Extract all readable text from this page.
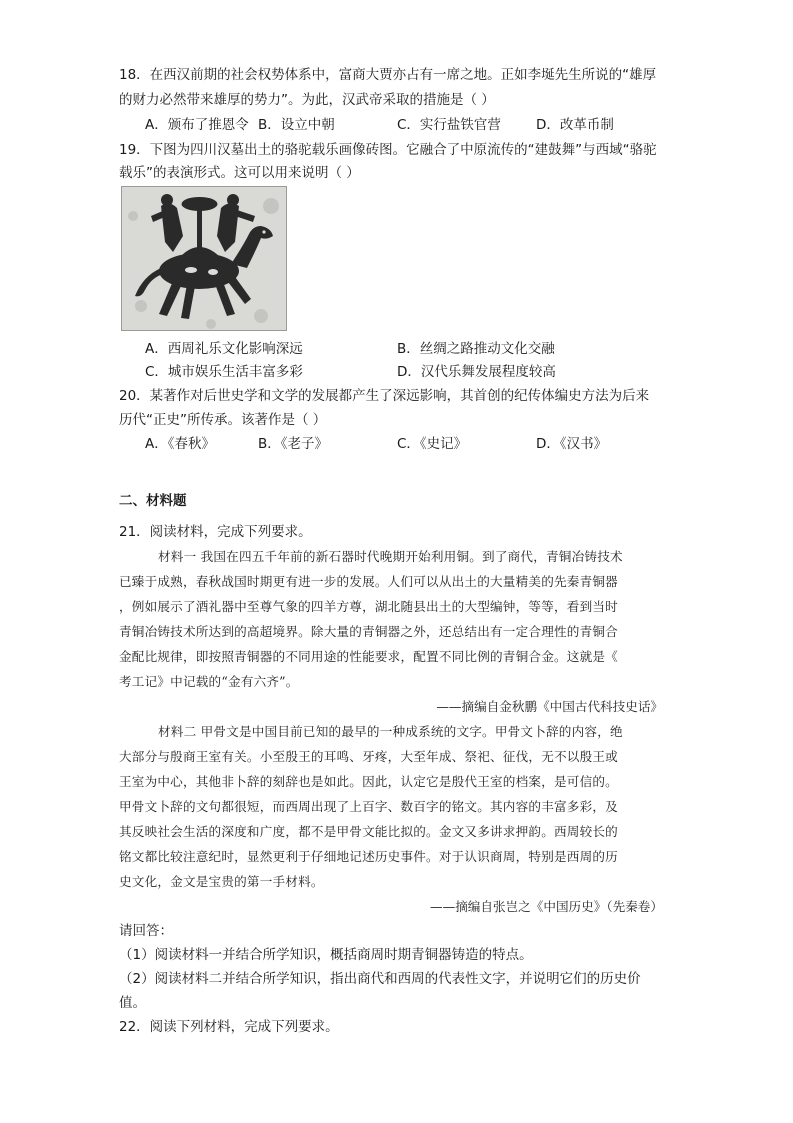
18．在西汉前期的社会权势体系中，富商大贾亦占有一席之地。正如李埏先生所说的“雄厚
的财力必然带来雄厚的势力”。为此，汉武帝采取的措施是（ ）
A．颁布了推恩令 B．设立中朝	C．实行盐铁官营	D．改革币制
19．下图为四川汉墓出土的骆驼载乐画像砖图。它融合了中原流传的“建鼓舞”与西域“骆驼
载乐”的表演形式。这可以用来说明（ ）
A．西周礼乐文化影响深远	B．丝绸之路推动文化交融
C．城市娱乐生活丰富多彩	D．汉代乐舞发展程度较高
20．某著作对后世史学和文学的发展都产生了深远影响，其首创的纪传体编史方法为后来
历代“正史”所传承。该著作是（ ）
A．《春秋》	B．《老子》	C．《史记》	D．《汉书》
二、材料题
21．阅读材料，完成下列要求。
材料一 我国在四五千年前的新石器时代晚期开始利用铜。到了商代，青铜冶铸技术
已臻于成熟，春秋战国时期更有进一步的发展。人们可以从出土的大量精美的先秦青铜器
，例如展示了酒礼器中至尊气象的四羊方尊，湖北随县出土的大型编钟，等等，看到当时
青铜冶铸技术所达到的高超境界。除大量的青铜器之外，还总结出有一定合理性的青铜合
金配比规律，即按照青铜器的不同用途的性能要求，配置不同比例的青铜合金。这就是《
考工记》中记载的“金有六齐”。
——摘编自金秋鹏《中国古代科技史话》
材料二 甲骨文是中国目前已知的最早的一种成系统的文字。甲骨文卜辞的内容，绝
大部分与殷商王室有关。小至殷王的耳鸣、牙疼，大至年成、祭祀、征伐，无不以殷王或
王室为中心，其他非卜辞的刻辞也是如此。因此，认定它是殷代王室的档案，是可信的。
甲骨文卜辞的文句都很短，而西周出现了上百字、数百字的铭文。其内容的丰富多彩，及
其反映社会生活的深度和广度，都不是甲骨文能比拟的。金文又多讲求押韵。西周较长的
铭文都比较注意纪时，显然更利于仔细地记述历史事件。对于认识商周，特别是西周的历
史文化，金文是宝贵的第一手材料。
——摘编自张岂之《中国历史》（先秦卷）
请回答：
（1）阅读材料一并结合所学知识，概括商周时期青铜器铸造的特点。
（2）阅读材料二并结合所学知识，指出商代和西周的代表性文字，并说明它们的历史价
值。
22．阅读下列材料，完成下列要求。
